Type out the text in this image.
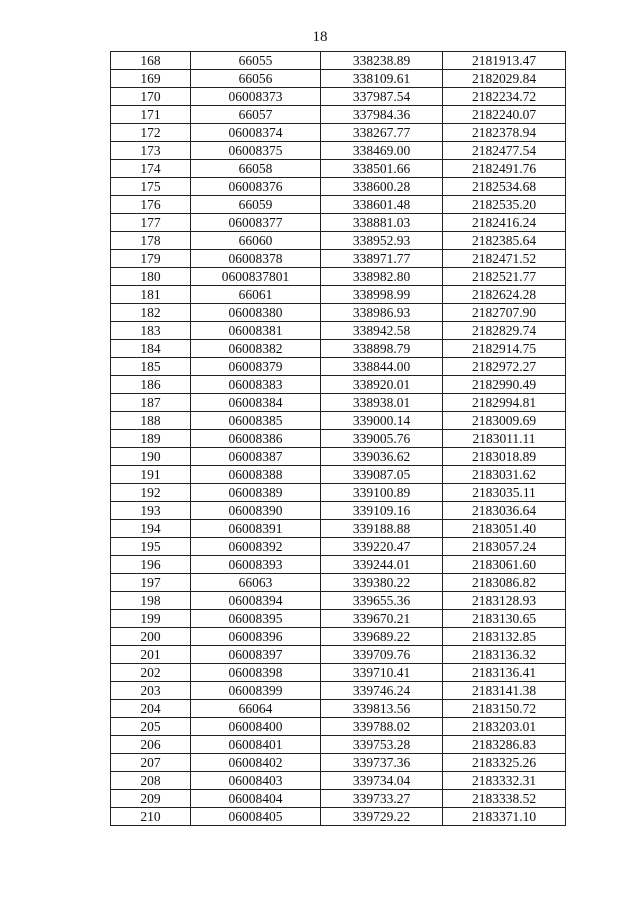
18
168	66055	338238.89	2181913.47
169	66056	338109.61	2182029.84
170	06008373	337987.54	2182234.72
171	66057	337984.36	2182240.07
172	06008374	338267.77	2182378.94
173	06008375	338469.00	2182477.54
174	66058	338501.66	2182491.76
175	06008376	338600.28	2182534.68
176	66059	338601.48	2182535.20
177	06008377	338881.03	2182416.24
178	66060	338952.93	2182385.64
179	06008378	338971.77	2182471.52
180	0600837801	338982.80	2182521.77
181	66061	338998.99	2182624.28
182	06008380	338986.93	2182707.90
183	06008381	338942.58	2182829.74
184	06008382	338898.79	2182914.75
185	06008379	338844.00	2182972.27
186	06008383	338920.01	2182990.49
187	06008384	338938.01	2182994.81
188	06008385	339000.14	2183009.69
189	06008386	339005.76	2183011.11
190	06008387	339036.62	2183018.89
191	06008388	339087.05	2183031.62
192	06008389	339100.89	2183035.11
193	06008390	339109.16	2183036.64
194	06008391	339188.88	2183051.40
195	06008392	339220.47	2183057.24
196	06008393	339244.01	2183061.60
197	66063	339380.22	2183086.82
198	06008394	339655.36	2183128.93
199	06008395	339670.21	2183130.65
200	06008396	339689.22	2183132.85
201	06008397	339709.76	2183136.32
202	06008398	339710.41	2183136.41
203	06008399	339746.24	2183141.38
204	66064	339813.56	2183150.72
205	06008400	339788.02	2183203.01
206	06008401	339753.28	2183286.83
207	06008402	339737.36	2183325.26
208	06008403	339734.04	2183332.31
209	06008404	339733.27	2183338.52
210	06008405	339729.22	2183371.10
